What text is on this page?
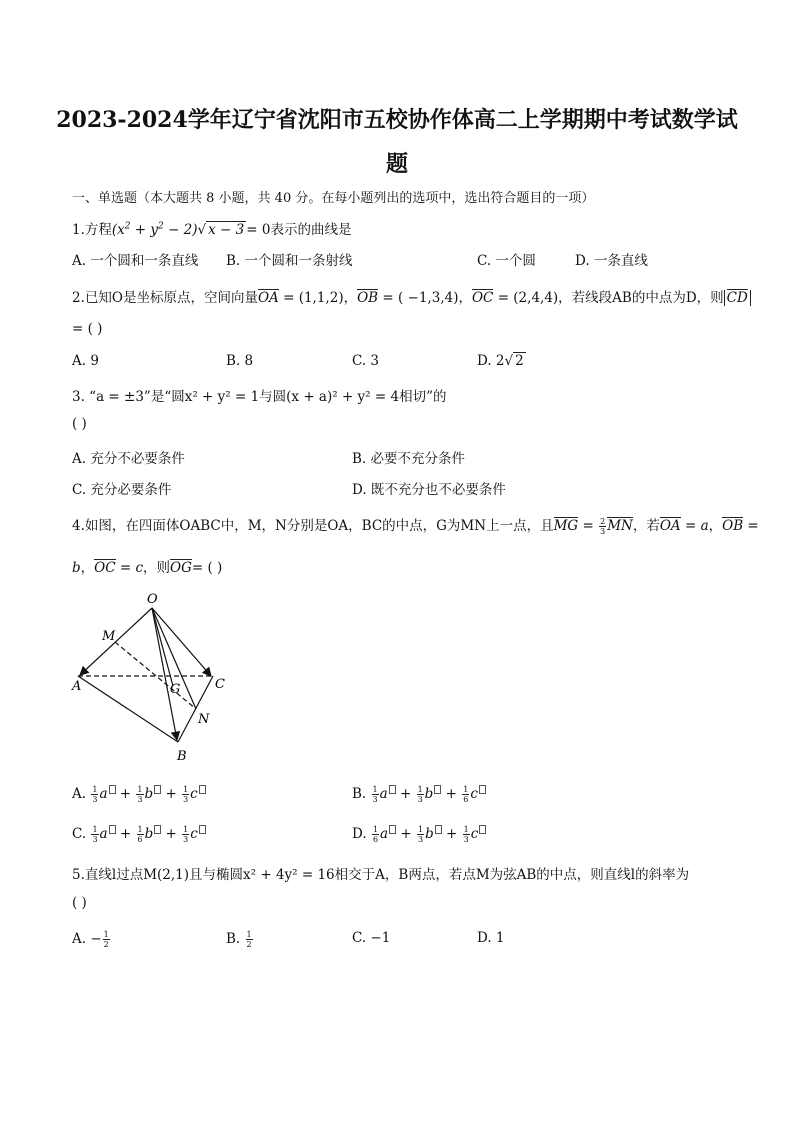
2023-2024学年辽宁省沈阳市五校协作体高二上学期期中考试数学试
题
一、单选题（本大题共 8 小题，共 40 分。在每小题列出的选项中，选出符合题目的一项）
1.方程$(x^2 + y^2 - 2)√$ x − 3 = 0表示的曲线是
A. 一个圆和一条直线 B. 一个圆和一条射线	C. 一个圆	D. 一条直线
2.已知O是坐标原点，空间向量OA = (1,1,2)，OB = ( −1,3,4)，OC = (2,4,4)，若线段AB的中点为D，则 CD
= ( )
A. 9	B. 8	C. 3	D. 2√ 2
3. “a = ±3”是“圆x² + y² = 1与圆(x + a)² + y² = 4相切”的
( )
A. 充分不必要条件	B. 必要不充分条件
C. 充分必要条件	D. 既不充分也不必要条件
4.如图，在四面体OABC中，M，N分别是OA，BC的中点，G为MN上一点，且MG = $\frac{2}{3}$ MN，若OA = a，OB =
b，OC = c，则OG= ( )
O
M
A	G	C
N
B
A. $\frac{1}{3}$ $a + \frac{1}{3}$ $b + \frac{1}{3}$ c	B. $\frac{1}{3}$ $a + \frac{1}{3}$ $b + \frac{1}{6}$ c
C. $\frac{1}{3}$ $a + \frac{1}{6}$ $b + \frac{1}{3}$ c	D. $\frac{1}{6}$ $a + \frac{1}{3}$ $b + \frac{1}{3}$ c
5.直线l过点M(2,1)且与椭圆x² + 4y² = 16相交于A，B两点，若点M为弦AB的中点，则直线l的斜率为
( )
A. − $\frac{1}{2}$	B. $\frac{1}{2}$	C. −1	D. 1
